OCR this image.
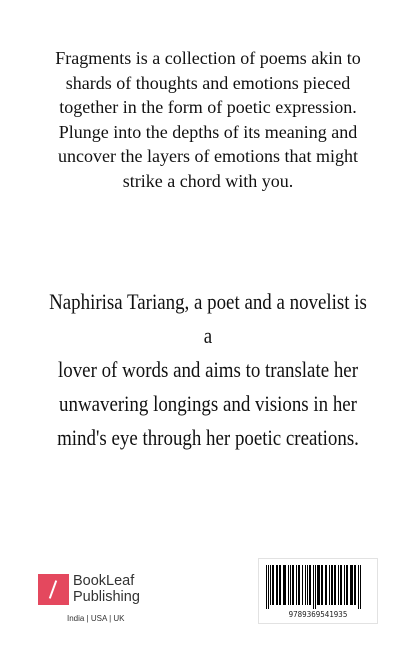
Fragments is a collection of poems akin to
shards of thoughts and emotions pieced
together in the form of poetic expression.
Plunge into the depths of its meaning and
uncover the layers of emotions that might
strike a chord with you.
Naphirisa Tariang, a poet and a novelist is a
lover of words and aims to translate her
unwavering longings and visions in her
mind's eye through her poetic creations.
BookLeaf
Publishing
India | USA | UK	9789369541935
